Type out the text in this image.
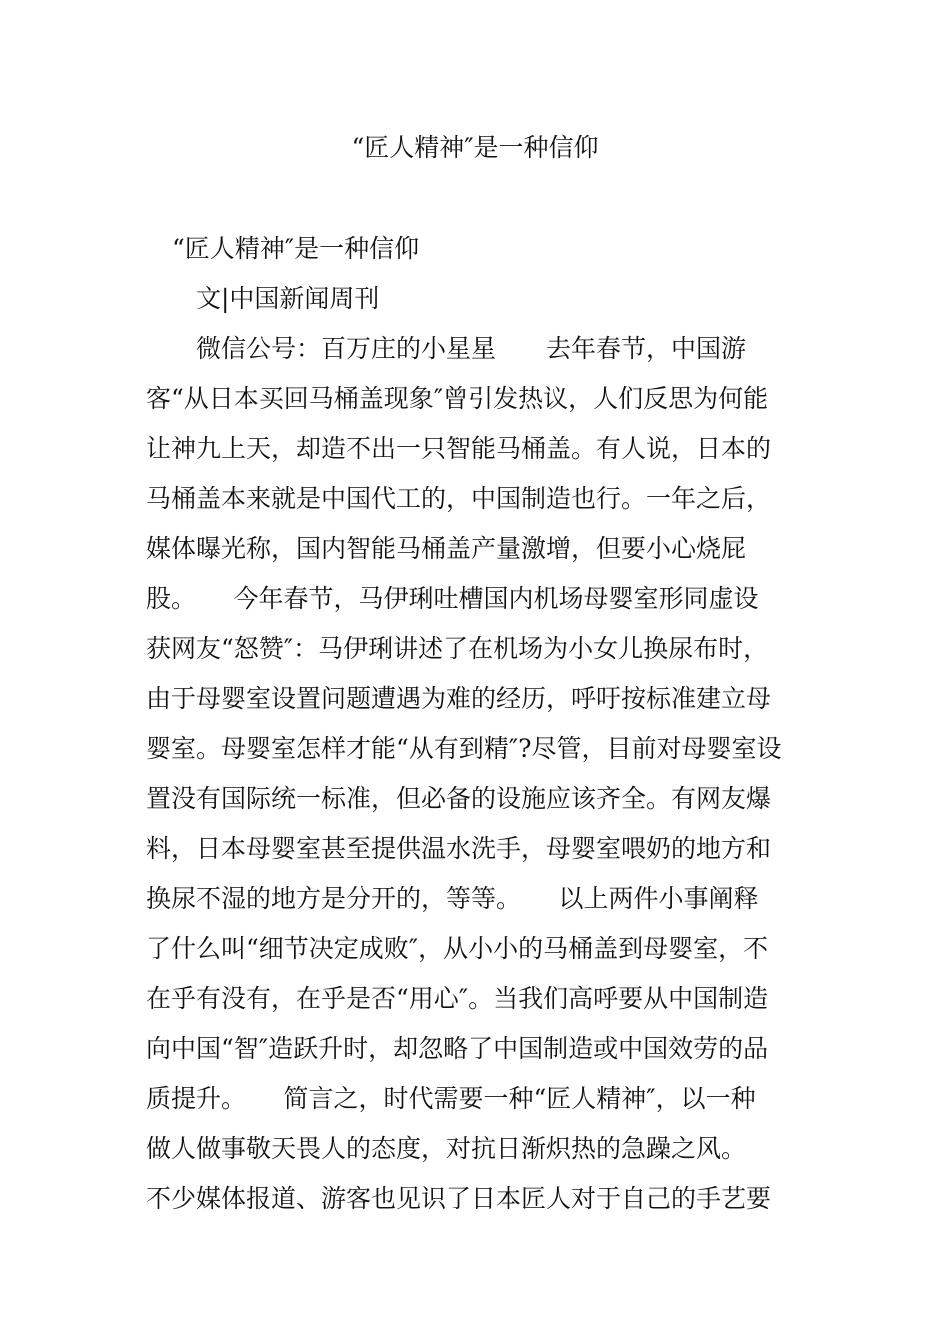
“匠人精神″是一种信仰
“匠人精神″是一种信仰
文|中国新闻周刊
微信公号：百万庄的小星星　　去年春节，中国游
客“从日本买回马桶盖现象″曾引发热议，人们反思为何能
让神九上天，却造不出一只智能马桶盖。有人说，日本的
马桶盖本来就是中国代工的，中国制造也行。一年之后，
媒体曝光称，国内智能马桶盖产量激增，但要小心烧屁
股。　　今年春节，马伊琍吐槽国内机场母婴室形同虚设
获网友“怒赞″：马伊琍讲述了在机场为小女儿换尿布时，
由于母婴室设置问题遭遇为难的经历，呼吁按标准建立母
婴室。母婴室怎样才能“从有到精″?尽管，目前对母婴室设
置没有国际统一标准，但必备的设施应该齐全。有网友爆
料，日本母婴室甚至提供温水洗手，母婴室喂奶的地方和
换尿不湿的地方是分开的，等等。　　以上两件小事阐释
了什么叫“细节决定成败″，从小小的马桶盖到母婴室，不
在乎有没有，在乎是否“用心″。当我们高呼要从中国制造
向中国“智″造跃升时，却忽略了中国制造或中国效劳的品
质提升。　　简言之，时代需要一种“匠人精神″，以一种
做人做事敬天畏人的态度，对抗日渐炽热的急躁之风。
不少媒体报道、游客也见识了日本匠人对于自己的手艺要
